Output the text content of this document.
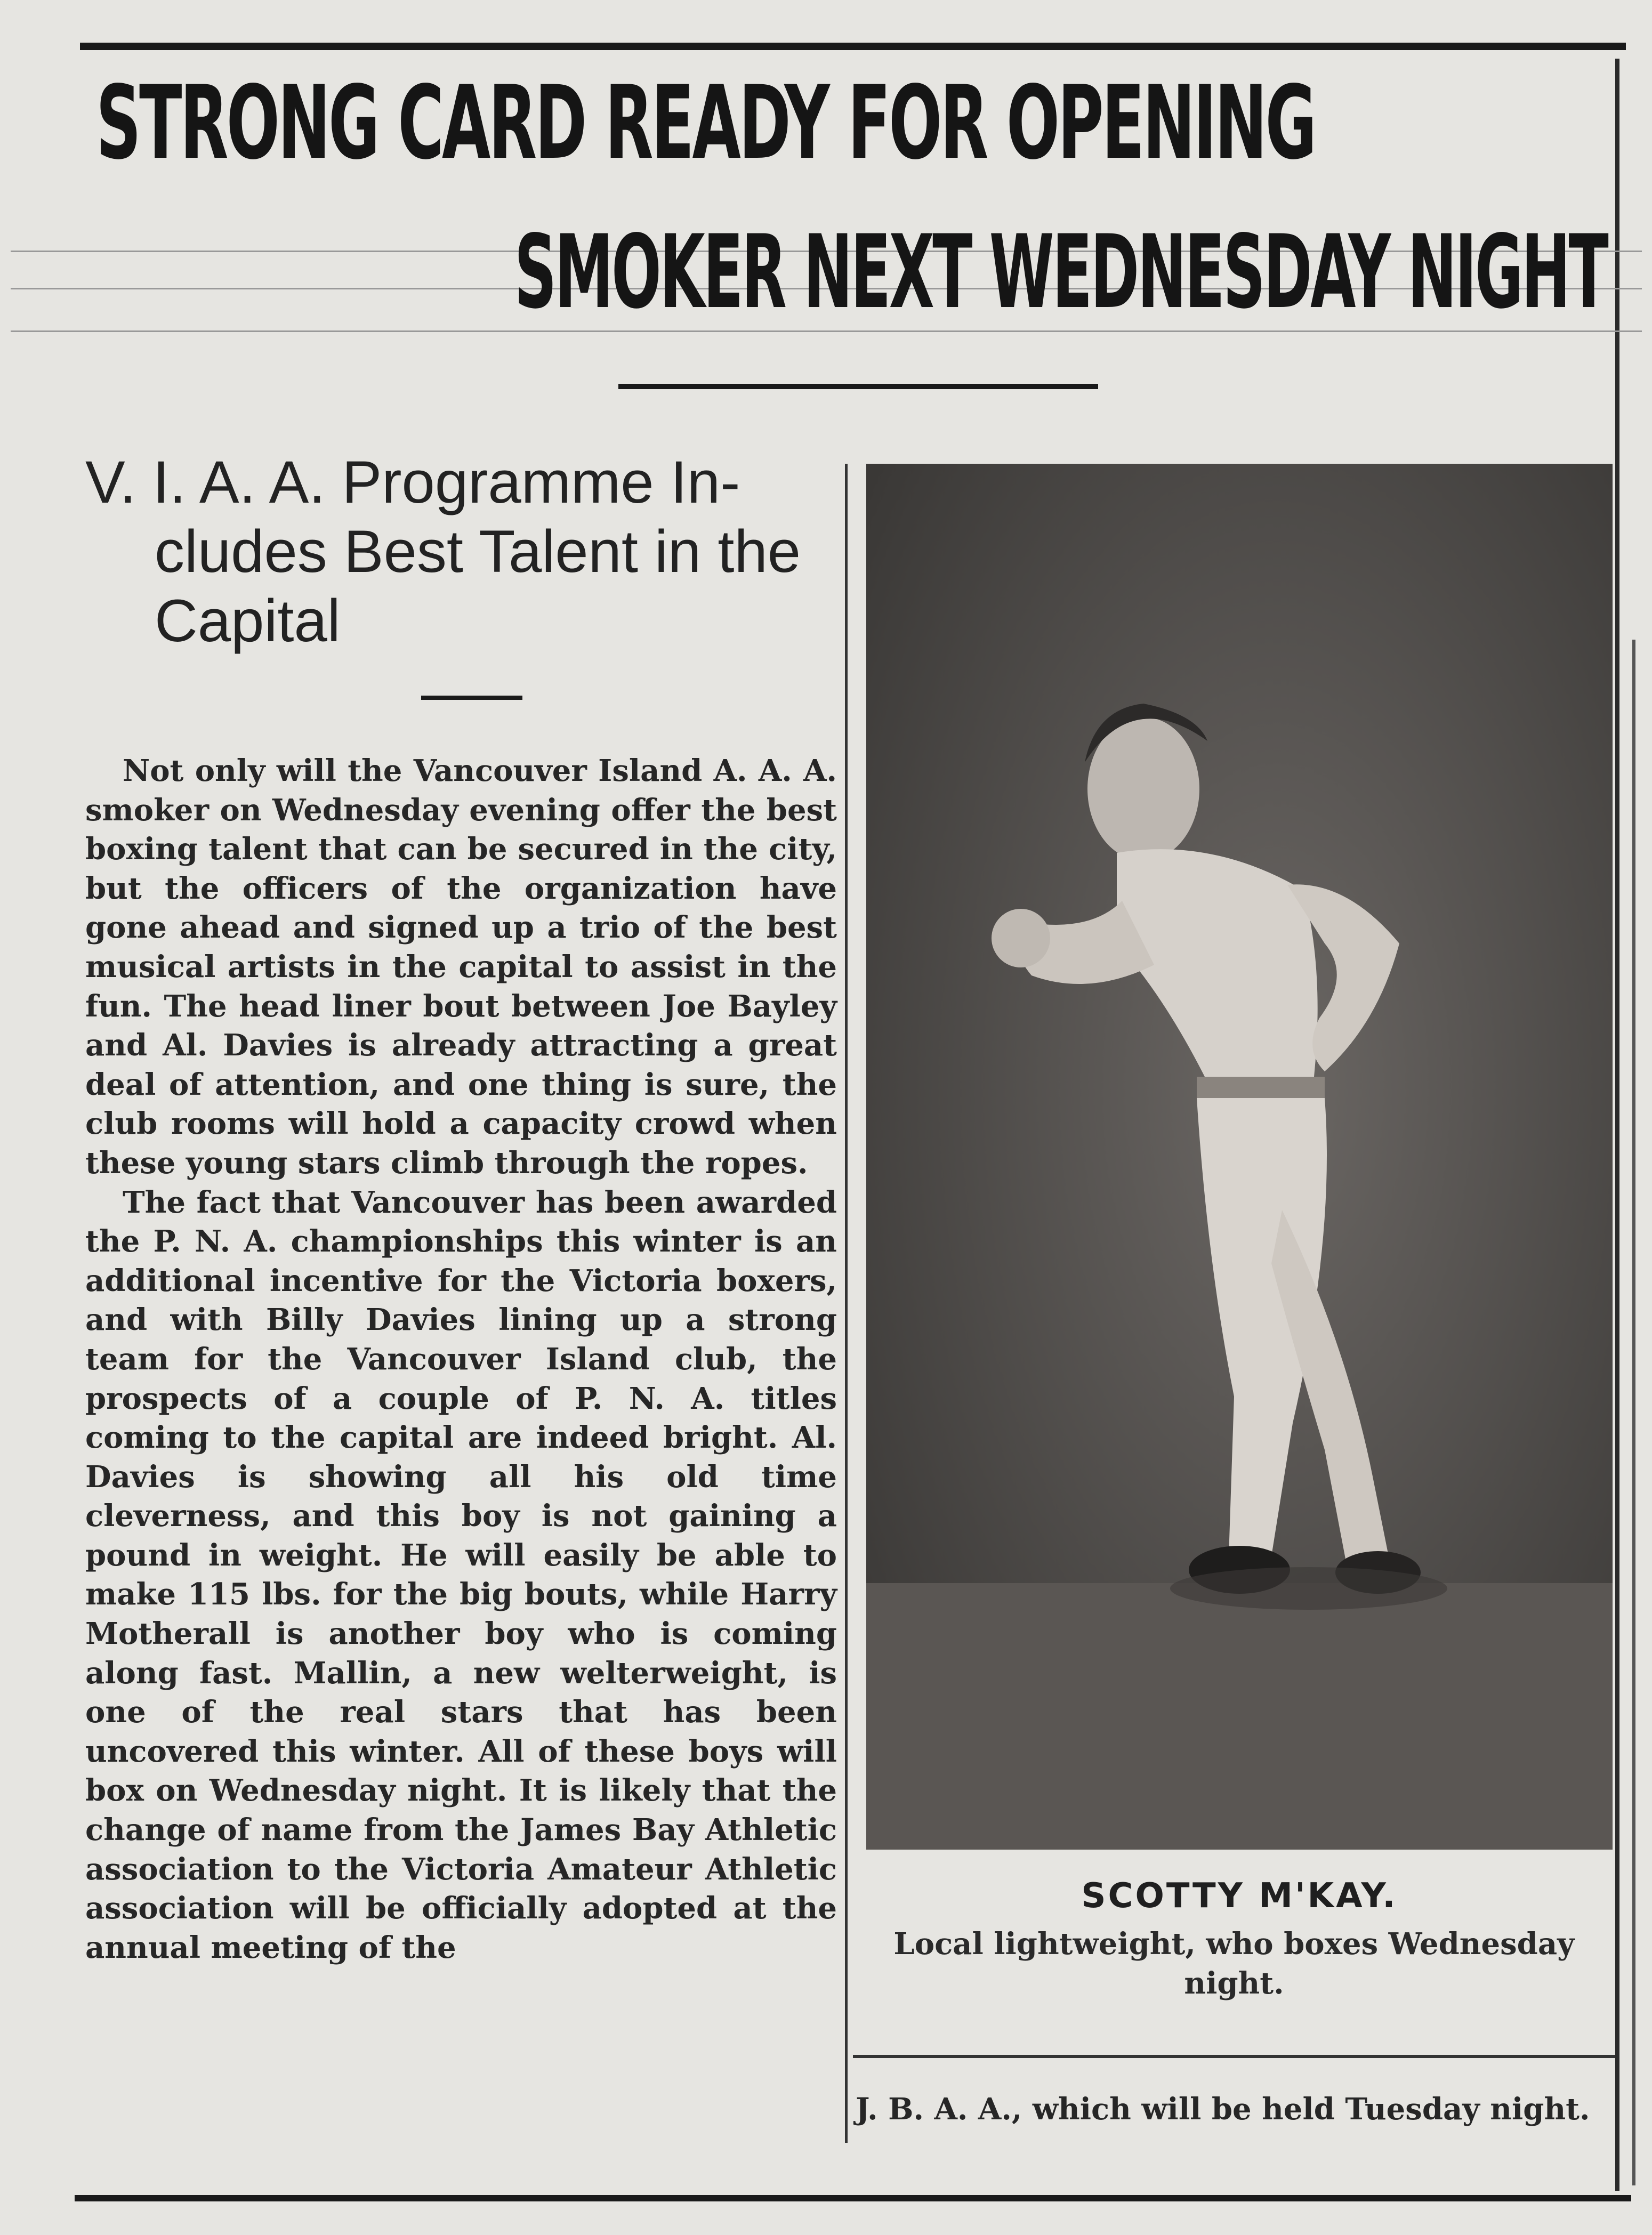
STRONG CARD READY FOR OPENING
SMOKER NEXT WEDNESDAY NIGHT
V. I. A. A. Programme In-
cludes Best Talent in the
Capital

Not only will the Vancouver Island A. A. A. smoker on Wednesday evening offer the best boxing talent that can be secured in the city, but the officers of the organization have gone ahead and signed up a trio of the best musical artists in the capital to assist in the fun. The head liner bout between Joe Bayley and Al. Davies is already attracting a great deal of attention, and one thing is sure, the club rooms will hold a capacity crowd when these young stars climb through the ropes.

The fact that Vancouver has been awarded the P. N. A. championships this winter is an additional incentive for the Victoria boxers, and with Billy Davies lining up a strong team for the Vancouver Island club, the prospects of a couple of P. N. A. titles coming to the capital are indeed bright. Al. Davies is showing all his old time cleverness, and this boy is not gaining a pound in weight. He will easily be able to make 115 lbs. for the big bouts, while Harry Motherall is another boy who is coming along fast. Mallin, a new welterweight, is one of the real stars that has been uncovered this winter. All of these boys will box on Wednesday night. It is likely that the change of name from the James Bay Athletic association to the Victoria Amateur Athletic association will be officially adopted at the annual meeting of the

SCOTTY M'KAY.
Local lightweight, who boxes Wednesday night.
J. B. A. A., which will be held Tuesday night.
